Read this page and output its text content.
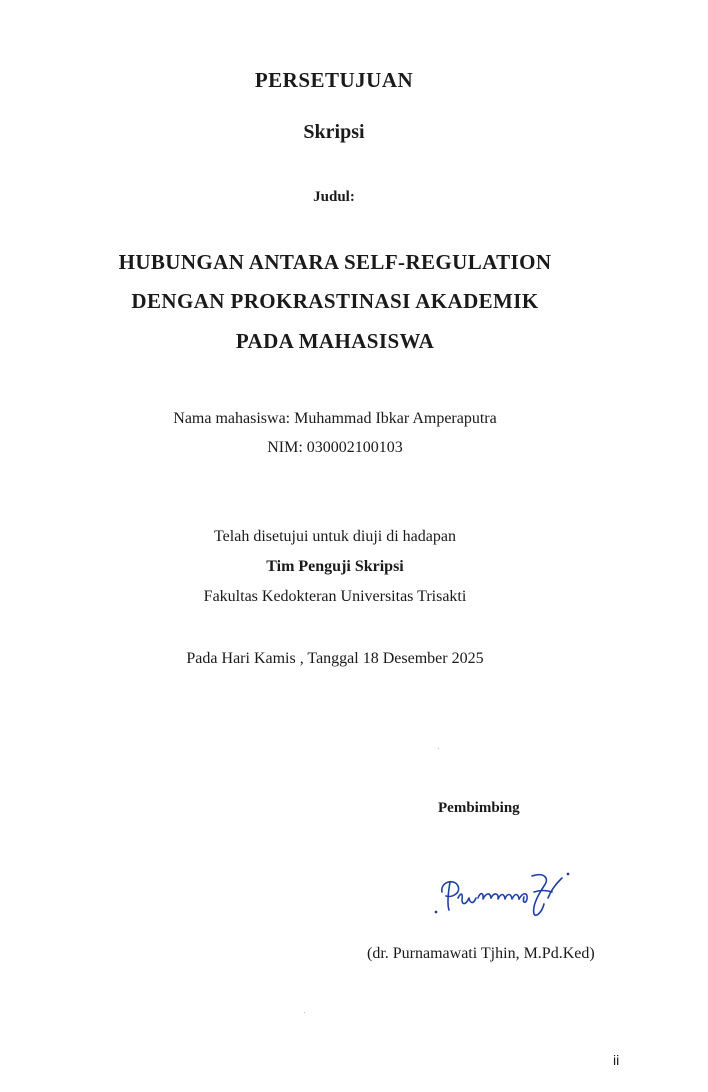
PERSETUJUAN

Skripsi

Judul:

HUBUNGAN ANTARA SELF-REGULATION

DENGAN PROKRASTINASI AKADEMIK

PADA MAHASISWA

Nama mahasiswa: Muhammad Ibkar Amperaputra

NIM: 030002100103

Telah disetujui untuk diuji di hadapan

Tim Penguji Skripsi

Fakultas Kedokteran Universitas Trisakti

Pada Hari Kamis , Tanggal 18 Desember 2025

Pembimbing

(dr. Purnamawati Tjhin, M.Pd.Ked)

ii
